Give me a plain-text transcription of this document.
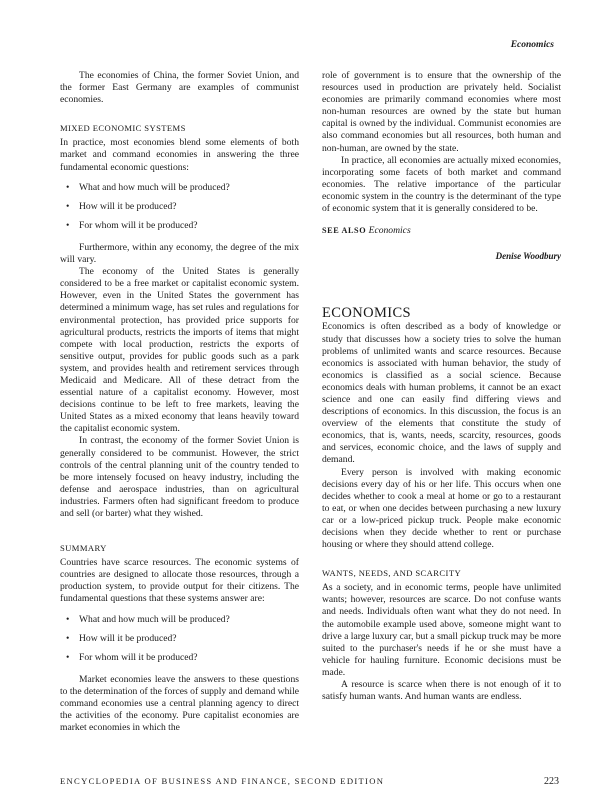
Economics

The economies of China, the former Soviet Union, and the former East Germany are examples of communist economies.

MIXED ECONOMIC SYSTEMS

In practice, most economies blend some elements of both market and command economies in answering the three fundamental economic questions:

• What and how much will be produced?
• How will it be produced?
• For whom will it be produced?

Furthermore, within any economy, the degree of the mix will vary.

The economy of the United States is generally considered to be a free market or capitalist economic system. However, even in the United States the government has determined a minimum wage, has set rules and regulations for environmental protection, has provided price supports for agricultural products, restricts the imports of items that might compete with local production, restricts the exports of sensitive output, provides for public goods such as a park system, and provides health and retirement services through Medicaid and Medicare. All of these detract from the essential nature of a capitalist economy. However, most decisions continue to be left to free markets, leaving the United States as a mixed economy that leans heavily toward the capitalist economic system.

In contrast, the economy of the former Soviet Union is generally considered to be communist. However, the strict controls of the central planning unit of the country tended to be more intensely focused on heavy industry, including the defense and aerospace industries, than on agricultural industries. Farmers often had significant freedom to produce and sell (or barter) what they wished.

SUMMARY

Countries have scarce resources. The economic systems of countries are designed to allocate those resources, through a production system, to provide output for their citizens. The fundamental questions that these systems answer are:

• What and how much will be produced?
• How will it be produced?
• For whom will it be produced?

Market economies leave the answers to these questions to the determination of the forces of supply and demand while command economies use a central planning agency to direct the activities of the economy. Pure capitalist economies are market economies in which the

role of government is to ensure that the ownership of the resources used in production are privately held. Socialist economies are primarily command economies where most non-human resources are owned by the state but human capital is owned by the individual. Communist economies are also command economies but all resources, both human and non-human, are owned by the state.

In practice, all economies are actually mixed economies, incorporating some facets of both market and command economies. The relative importance of the particular economic system in the country is the determinant of the type of economic system that it is generally considered to be.

SEE ALSO Economics
Denise Woodbury
ECONOMICS

Economics is often described as a body of knowledge or study that discusses how a society tries to solve the human problems of unlimited wants and scarce resources. Because economics is associated with human behavior, the study of economics is classified as a social science. Because economics deals with human problems, it cannot be an exact science and one can easily find differing views and descriptions of economics. In this discussion, the focus is an overview of the elements that constitute the study of economics, that is, wants, needs, scarcity, resources, goods and services, economic choice, and the laws of supply and demand.

Every person is involved with making economic decisions every day of his or her life. This occurs when one decides whether to cook a meal at home or go to a restaurant to eat, or when one decides between purchasing a new luxury car or a low-priced pickup truck. People make economic decisions when they decide whether to rent or purchase housing or where they should attend college.

WANTS, NEEDS, AND SCARCITY

As a society, and in economic terms, people have unlimited wants; however, resources are scarce. Do not confuse wants and needs. Individuals often want what they do not need. In the automobile example used above, someone might want to drive a large luxury car, but a small pickup truck may be more suited to the purchaser's needs if he or she must have a vehicle for hauling furniture. Economic decisions must be made.

A resource is scarce when there is not enough of it to satisfy human wants. And human wants are endless.

ENCYCLOPEDIA OF BUSINESS AND FINANCE, SECOND EDITION	223
